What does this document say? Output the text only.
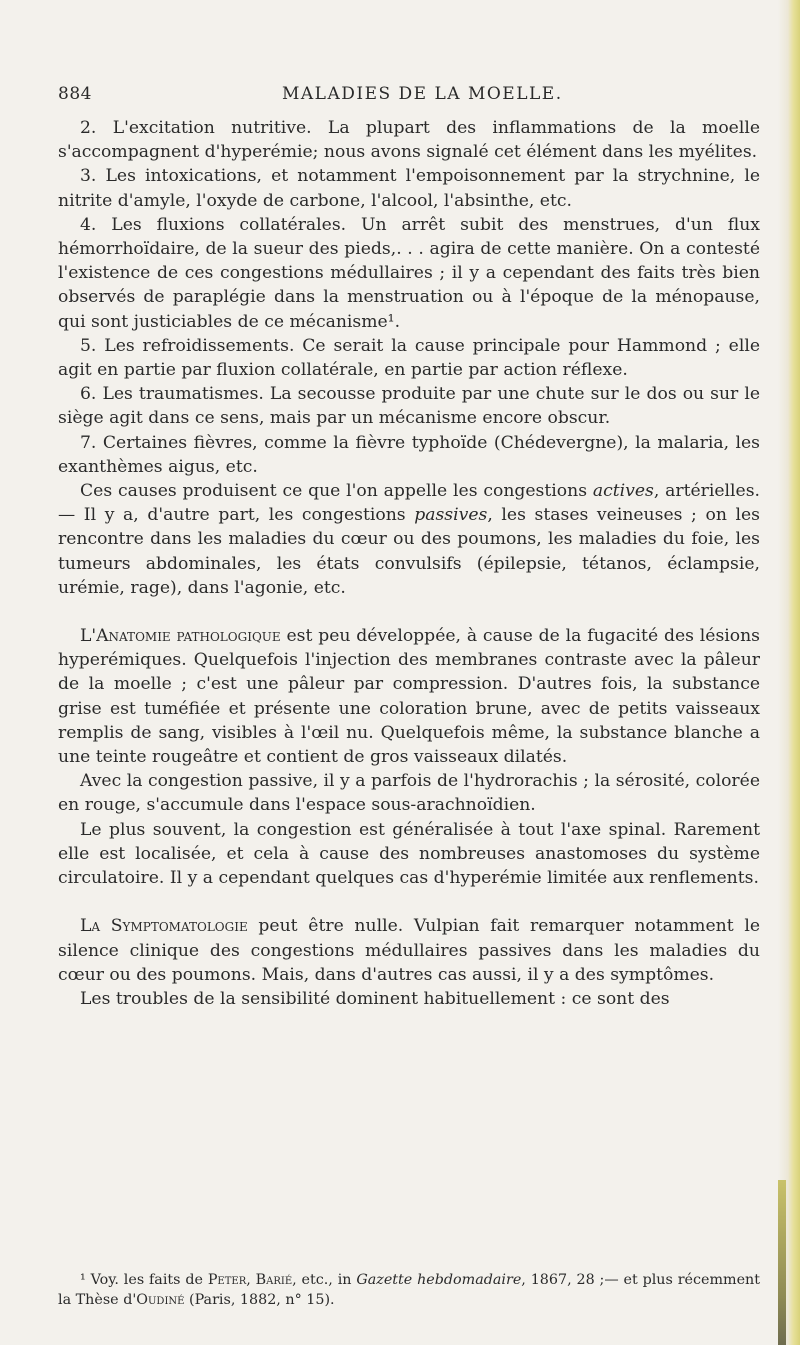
884	MALADIES DE LA MOELLE.

2. L'excitation nutritive. La plupart des inflammations de la moelle s'accompagnent d'hyperémie; nous avons signalé cet élément dans les myélites.

3. Les intoxications, et notamment l'empoisonnement par la strychnine, le nitrite d'amyle, l'oxyde de carbone, l'alcool, l'absinthe, etc.

4. Les fluxions collatérales. Un arrêt subit des menstrues, d'un flux hémorrhoïdaire, de la sueur des pieds,. . . agira de cette manière. On a contesté l'existence de ces congestions médullaires ; il y a cependant des faits très bien observés de paraplégie dans la menstruation ou à l'époque de la ménopause, qui sont justiciables de ce mécanisme¹.

5. Les refroidissements. Ce serait la cause principale pour Hammond ; elle agit en partie par fluxion collatérale, en partie par action réflexe.

6. Les traumatismes. La secousse produite par une chute sur le dos ou sur le siège agit dans ce sens, mais par un mécanisme encore obscur.

7. Certaines fièvres, comme la fièvre typhoïde (Chédevergne), la malaria, les exanthèmes aigus, etc.

Ces causes produisent ce que l'on appelle les congestions actives, artérielles. — Il y a, d'autre part, les congestions passives, les stases veineuses ; on les rencontre dans les maladies du cœur ou des poumons, les maladies du foie, les tumeurs abdominales, les états convulsifs (épilepsie, tétanos, éclampsie, urémie, rage), dans l'agonie, etc.

L'Anatomie pathologique est peu développée, à cause de la fugacité des lésions hyperémiques. Quelquefois l'injection des membranes contraste avec la pâleur de la moelle ; c'est une pâleur par compression. D'autres fois, la substance grise est tuméfiée et présente une coloration brune, avec de petits vaisseaux remplis de sang, visibles à l'œil nu. Quelquefois même, la substance blanche a une teinte rougeâtre et contient de gros vaisseaux dilatés.

Avec la congestion passive, il y a parfois de l'hydrorachis ; la sérosité, colorée en rouge, s'accumule dans l'espace sous-arachnoïdien.

Le plus souvent, la congestion est généralisée à tout l'axe spinal. Rarement elle est localisée, et cela à cause des nombreuses anastomoses du système circulatoire. Il y a cependant quelques cas d'hyperémie limitée aux renflements.

La Symptomatologie peut être nulle. Vulpian fait remarquer notamment le silence clinique des congestions médullaires passives dans les maladies du cœur ou des poumons. Mais, dans d'autres cas aussi, il y a des symptômes.

Les troubles de la sensibilité dominent habituellement : ce sont des

¹ Voy. les faits de Peter, Barié, etc., in Gazette hebdomadaire, 1867, 28 ;— et plus récemment la Thèse d'Oudiné (Paris, 1882, n° 15).
